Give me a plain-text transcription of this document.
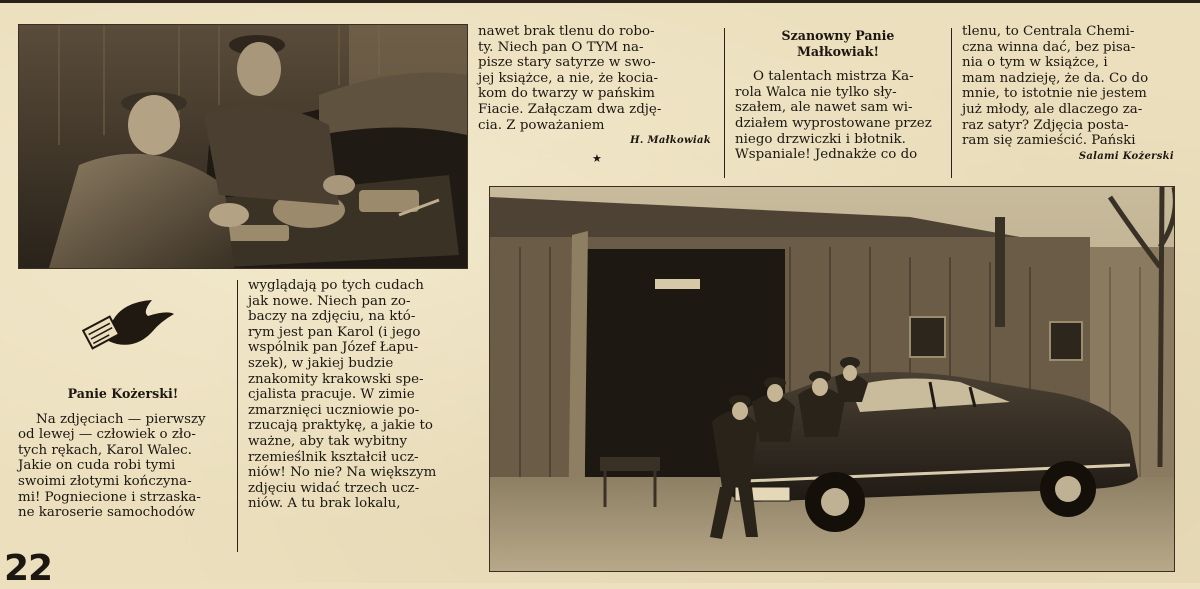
nawet brak tlenu do robo-

ty. Niech pan O TYM na-

pisze stary satyrze w swo-

jej książce, a nie, że kocia-

kom do twarzy w pańskim

Fiacie. Załączam dwa zdję-

cia. Z poważaniem

H. Małkowiak

★

Szanowny Panie

Małkowiak!

O talentach mistrza Ka-

rola Walca nie tylko sły-

szałem, ale nawet sam wi-

działem wyprostowane przez

niego drzwiczki i błotnik.

Wspaniale! Jednakże co do

tlenu, to Centrala Chemi-

czna winna dać, bez pisa-

nia o tym w książce, i

mam nadzieję, że da. Co do

mnie, to istotnie nie jestem

już młody, ale dlaczego za-

raz satyr? Zdjęcia posta-

ram się zamieścić. Pański

Salami Kożerski

Panie Kożerski!

Na zdjęciach — pierwszy

od lewej — człowiek o zło-

tych rękach, Karol Walec.

Jakie on cuda robi tymi

swoimi złotymi kończyna-

mi! Pogniecione i strzaska-

ne karoserie samochodów

wyglądają po tych cudach

jak nowe. Niech pan zo-

baczy na zdjęciu, na któ-

rym jest pan Karol (i jego

wspólnik pan Józef Łapu-

szek), w jakiej budzie

znakomity krakowski spe-

cjalista pracuje. W zimie

zmarznięci uczniowie po-

rzucają praktykę, a jakie to

ważne, aby tak wybitny

rzemieślnik kształcił ucz-

niów! No nie? Na większym

zdjęciu widać trzech ucz-

niów. A tu brak lokalu,

22
